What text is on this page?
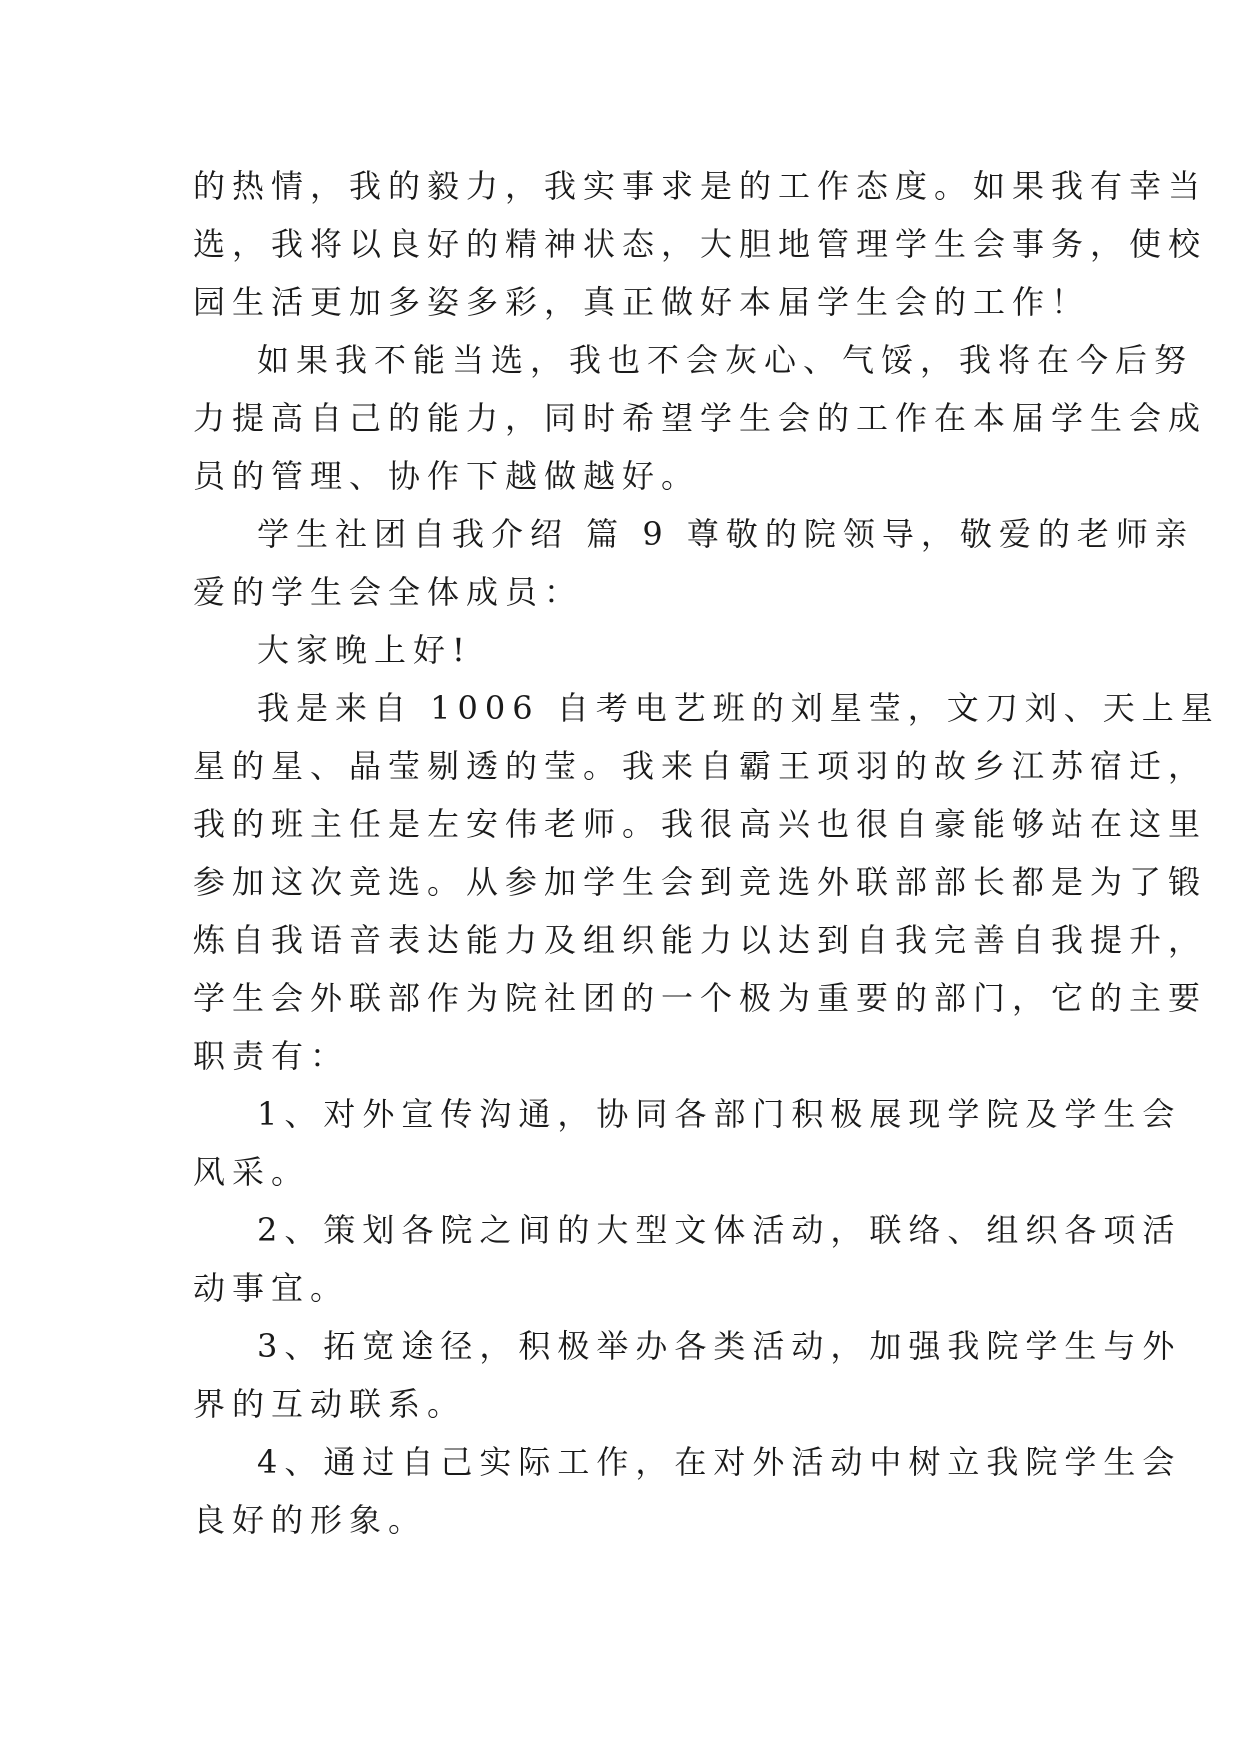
的热情，我的毅力，我实事求是的工作态度。如果我有幸当
选，我将以良好的精神状态，大胆地管理学生会事务，使校
园生活更加多姿多彩，真正做好本届学生会的工作！
如果我不能当选，我也不会灰心、气馁，我将在今后努
力提高自己的能力，同时希望学生会的工作在本届学生会成
员的管理、协作下越做越好。
学生社团自我介绍 篇 9 尊敬的院领导，敬爱的老师亲
爱的学生会全体成员：
大家晚上好!
我是来自 1006 自考电艺班的刘星莹，文刀刘、天上星
星的星、晶莹剔透的莹。我来自霸王项羽的故乡江苏宿迁，
我的班主任是左安伟老师。我很高兴也很自豪能够站在这里
参加这次竞选。从参加学生会到竞选外联部部长都是为了锻
炼自我语音表达能力及组织能力以达到自我完善自我提升，
学生会外联部作为院社团的一个极为重要的部门，它的主要
职责有：
1、对外宣传沟通，协同各部门积极展现学院及学生会
风采。
2、策划各院之间的大型文体活动，联络、组织各项活
动事宜。
3、拓宽途径，积极举办各类活动，加强我院学生与外
界的互动联系。
4、通过自己实际工作，在对外活动中树立我院学生会
良好的形象。
